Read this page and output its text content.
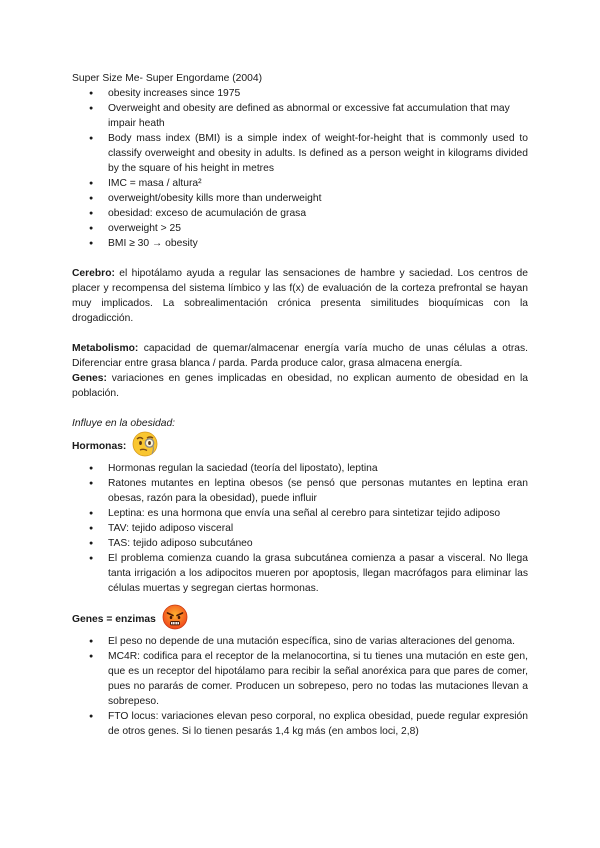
Super Size Me- Super Engordame (2004)

● obesity increases since 1975
● Overweight and obesity are defined as abnormal or excessive fat accumulation that may impair heath
● Body mass index (BMI) is a simple index of weight-for-height that is commonly used to classify overweight and obesity in adults. Is defined as a person weight in kilograms divided by the square of his height in metres
● IMC = masa / altura²
● overweight/obesity kills more than underweight
● obesidad: exceso de acumulación de grasa
● overweight > 25
● BMI ≥ 30 → obesity

Cerebro: el hipotálamo ayuda a regular las sensaciones de hambre y saciedad. Los centros de placer y recompensa del sistema límbico y las f(x) de evaluación de la corteza prefrontal se hayan muy implicados. La sobrealimentación crónica presenta similitudes bioquímicas con la drogadicción.

Metabolismo: capacidad de quemar/almacenar energía varía mucho de unas células a otras. Diferenciar entre grasa blanca / parda. Parda produce calor, grasa almacena energía.

Genes: variaciones en genes implicadas en obesidad, no explican aumento de obesidad en la población.

Influye en la obesidad:

Hormonas:
● Hormonas regulan la saciedad (teoría del lipostato), leptina
● Ratones mutantes en leptina obesos (se pensó que personas mutantes en leptina eran obesas, razón para la obesidad), puede influir
● Leptina: es una hormona que envía una señal al cerebro para sintetizar tejido adiposo
● TAV: tejido adiposo visceral
● TAS: tejido adiposo subcutáneo
● El problema comienza cuando la grasa subcutánea comienza a pasar a visceral. No llega tanta irrigación a los adipocitos mueren por apoptosis, llegan macrófagos para eliminar las células muertas y segregan ciertas hormonas.
Genes = enzimas
● El peso no depende de una mutación específica, sino de varias alteraciones del genoma.
● MC4R: codifica para el receptor de la melanocortina, si tu tienes una mutación en este gen, que es un receptor del hipotálamo para recibir la señal anoréxica para que pares de comer, pues no pararás de comer. Producen un sobrepeso, pero no todas las mutaciones llevan a sobrepeso.
● FTO locus: variaciones elevan peso corporal, no explica obesidad, puede regular expresión de otros genes. Si lo tienen pesarás 1,4 kg más (en ambos loci, 2,8)
